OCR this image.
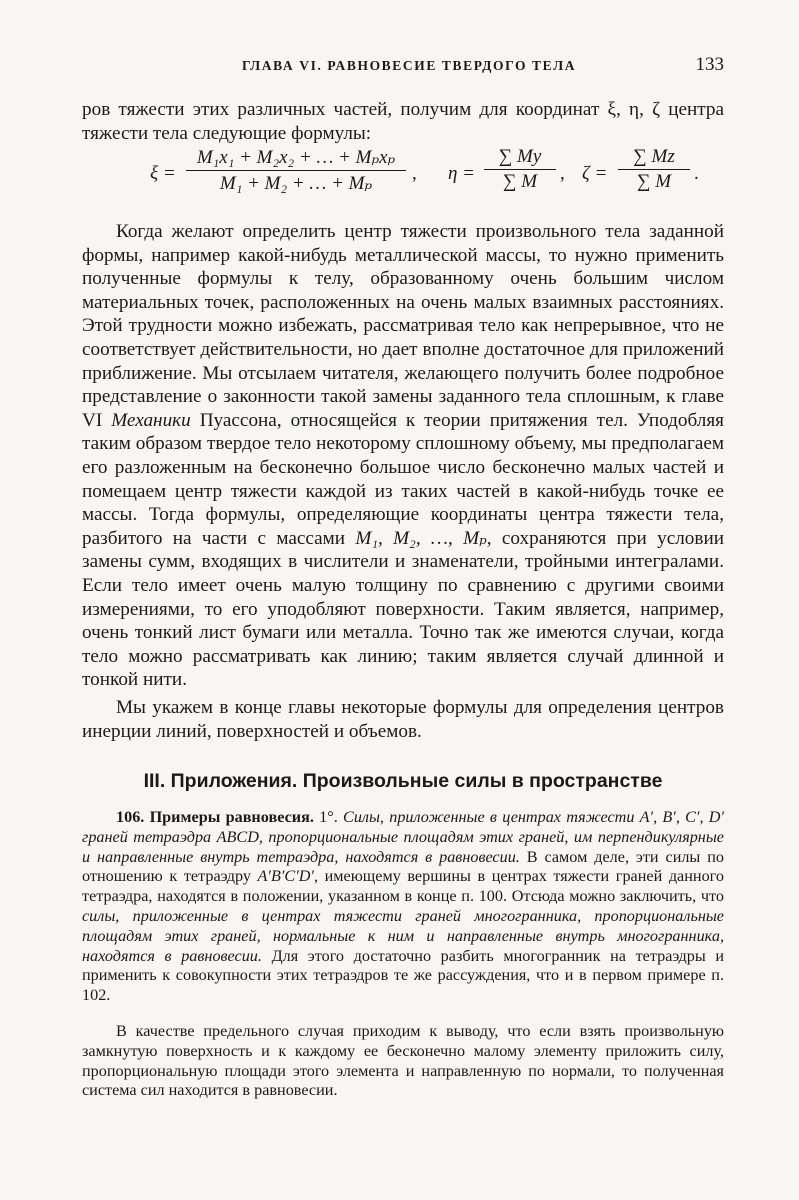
ГЛАВА VI. РАВНОВЕСИЕ ТВЕРДОГО ТЕЛА	133

ров тяжести этих различных частей, получим для координат ξ, η, ζ центра тяжести тела следующие формулы:

ξ =
M₁x₁ + M₂x₂ + … + Mₚxₚ
M₁ + M₂ + … + Mₚ	, η =
∑ My
∑ M	, ζ =
∑ Mz
∑ M	.

Когда желают определить центр тяжести произвольного тела заданной формы, например какой-нибудь металлической массы, то нужно применить полученные формулы к телу, образованному очень большим числом материальных точек, расположенных на очень малых взаимных расстояниях. Этой трудности можно избежать, рассматривая тело как непрерывное, что не соответствует действительности, но дает вполне достаточное для приложений приближение. Мы отсылаем читателя, желающего получить более подробное представление о законности такой замены заданного тела сплошным, к главе VI Механики Пуассона, относящейся к теории притяжения тел. Уподобляя таким образом твердое тело некоторому сплошному объему, мы предполагаем его разложенным на бесконечно большое число бесконечно малых частей и помещаем центр тяжести каждой из таких частей в какой-нибудь точке ее массы. Тогда формулы, определяющие координаты центра тяжести тела, разбитого на части с массами M₁, M₂, …, Mₚ, сохраняются при условии замены сумм, входящих в числители и знаменатели, тройными интегралами. Если тело имеет очень малую толщину по сравнению с другими своими измерениями, то его уподобляют поверхности. Таким является, например, очень тонкий лист бумаги или металла. Точно так же имеются случаи, когда тело можно рассматривать как линию; таким является случай длинной и тонкой нити.

Мы укажем в конце главы некоторые формулы для определения центров инерции линий, поверхностей и объемов.

III. Приложения. Произвольные силы в пространстве

106. Примеры равновесия. 1°. Силы, приложенные в центрах тяжести A′, B′, C′, D′ граней тетраэдра ABCD, пропорциональные площадям этих граней, им перпендикулярные и направленные внутрь тетраэдра, находятся в равновесии. В самом деле, эти силы по отношению к тетраэдру A′B′C′D′, имеющему вершины в центрах тяжести граней данного тетраэдра, находятся в положении, указанном в конце п. 100. Отсюда можно заключить, что силы, приложенные в центрах тяжести граней многогранника, пропорциональные площадям этих граней, нормальные к ним и направленные внутрь многогранника, находятся в равновесии. Для этого достаточно разбить многогранник на тетраэдры и применить к совокупности этих тетраэдров те же рассуждения, что и в первом примере п. 102.

В качестве предельного случая приходим к выводу, что если взять произвольную замкнутую поверхность и к каждому ее бесконечно малому элементу приложить силу, пропорциональную площади этого элемента и направленную по нормали, то полученная система сил находится в равновесии.
